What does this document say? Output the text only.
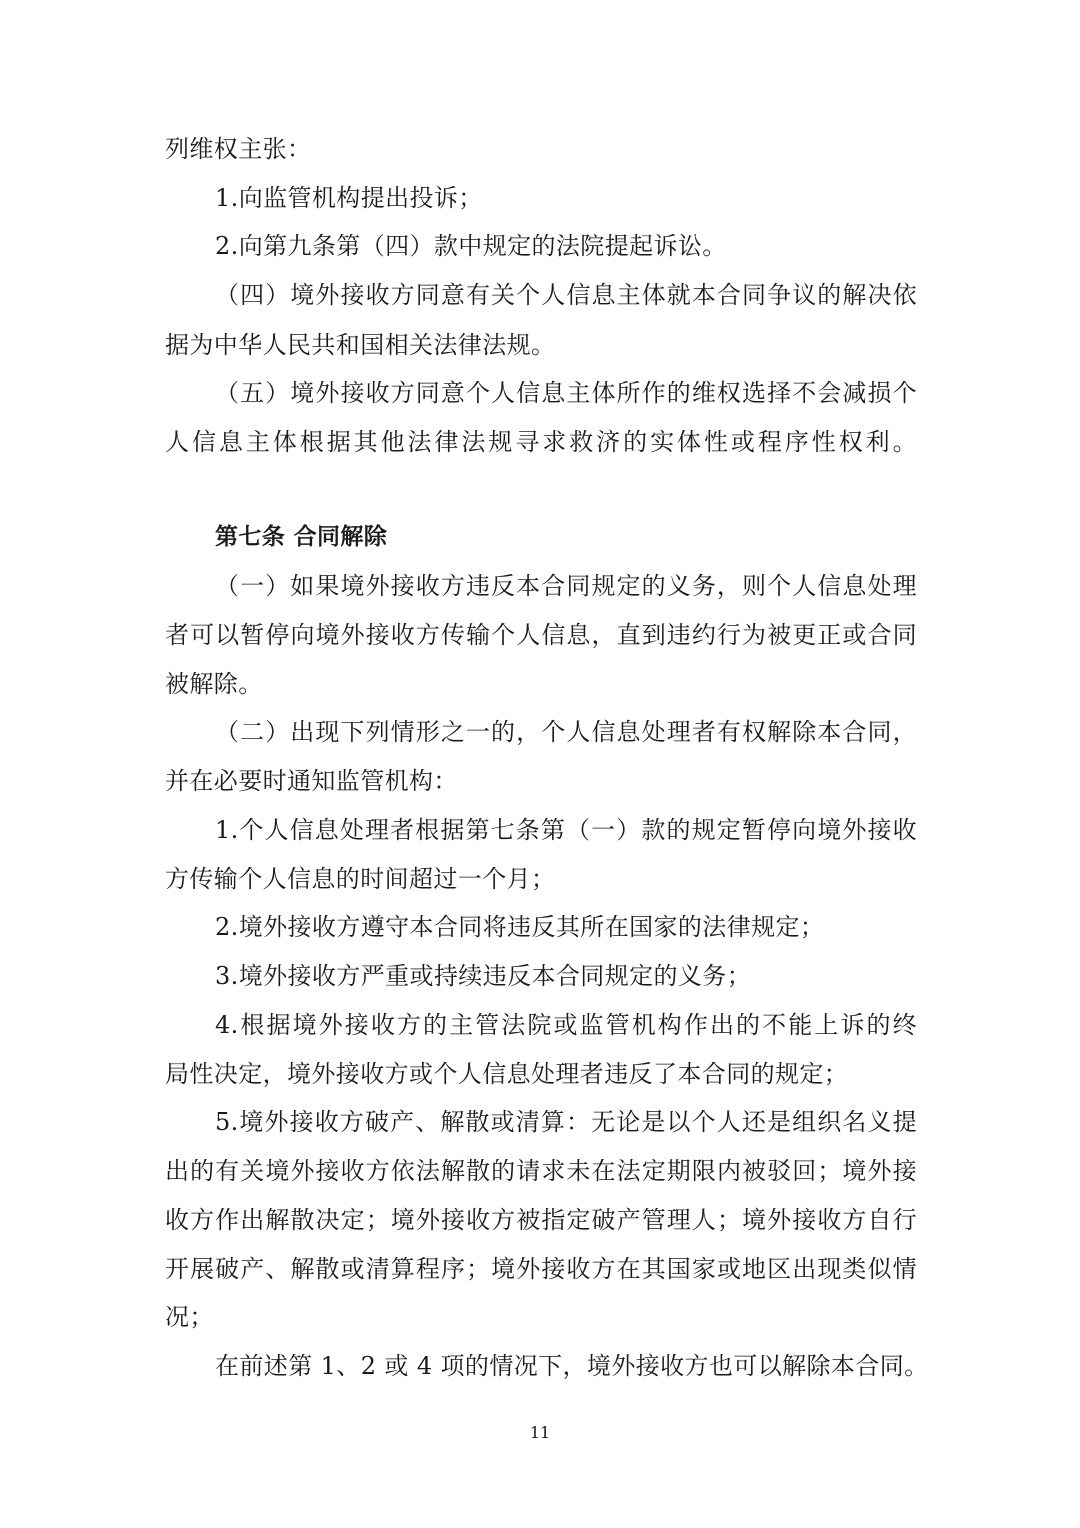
列维权主张：
1.向监管机构提出投诉；
2.向第九条第（四）款中规定的法院提起诉讼。
（四）境外接收方同意有关个人信息主体就本合同争议的解决依
据为中华人民共和国相关法律法规。
（五）境外接收方同意个人信息主体所作的维权选择不会减损个
人信息主体根据其他法律法规寻求救济的实体性或程序性权利。
第七条 合同解除
（一）如果境外接收方违反本合同规定的义务，则个人信息处理
者可以暂停向境外接收方传输个人信息，直到违约行为被更正或合同
被解除。
（二）出现下列情形之一的，个人信息处理者有权解除本合同，
并在必要时通知监管机构：
1.个人信息处理者根据第七条第（一）款的规定暂停向境外接收
方传输个人信息的时间超过一个月；
2.境外接收方遵守本合同将违反其所在国家的法律规定；
3.境外接收方严重或持续违反本合同规定的义务；
4.根据境外接收方的主管法院或监管机构作出的不能上诉的终
局性决定，境外接收方或个人信息处理者违反了本合同的规定；
5.境外接收方破产、解散或清算：无论是以个人还是组织名义提
出的有关境外接收方依法解散的请求未在法定期限内被驳回；境外接
收方作出解散决定；境外接收方被指定破产管理人；境外接收方自行
开展破产、解散或清算程序；境外接收方在其国家或地区出现类似情
况；
在前述第 1、2 或 4 项的情况下，境外接收方也可以解除本合同。
11
